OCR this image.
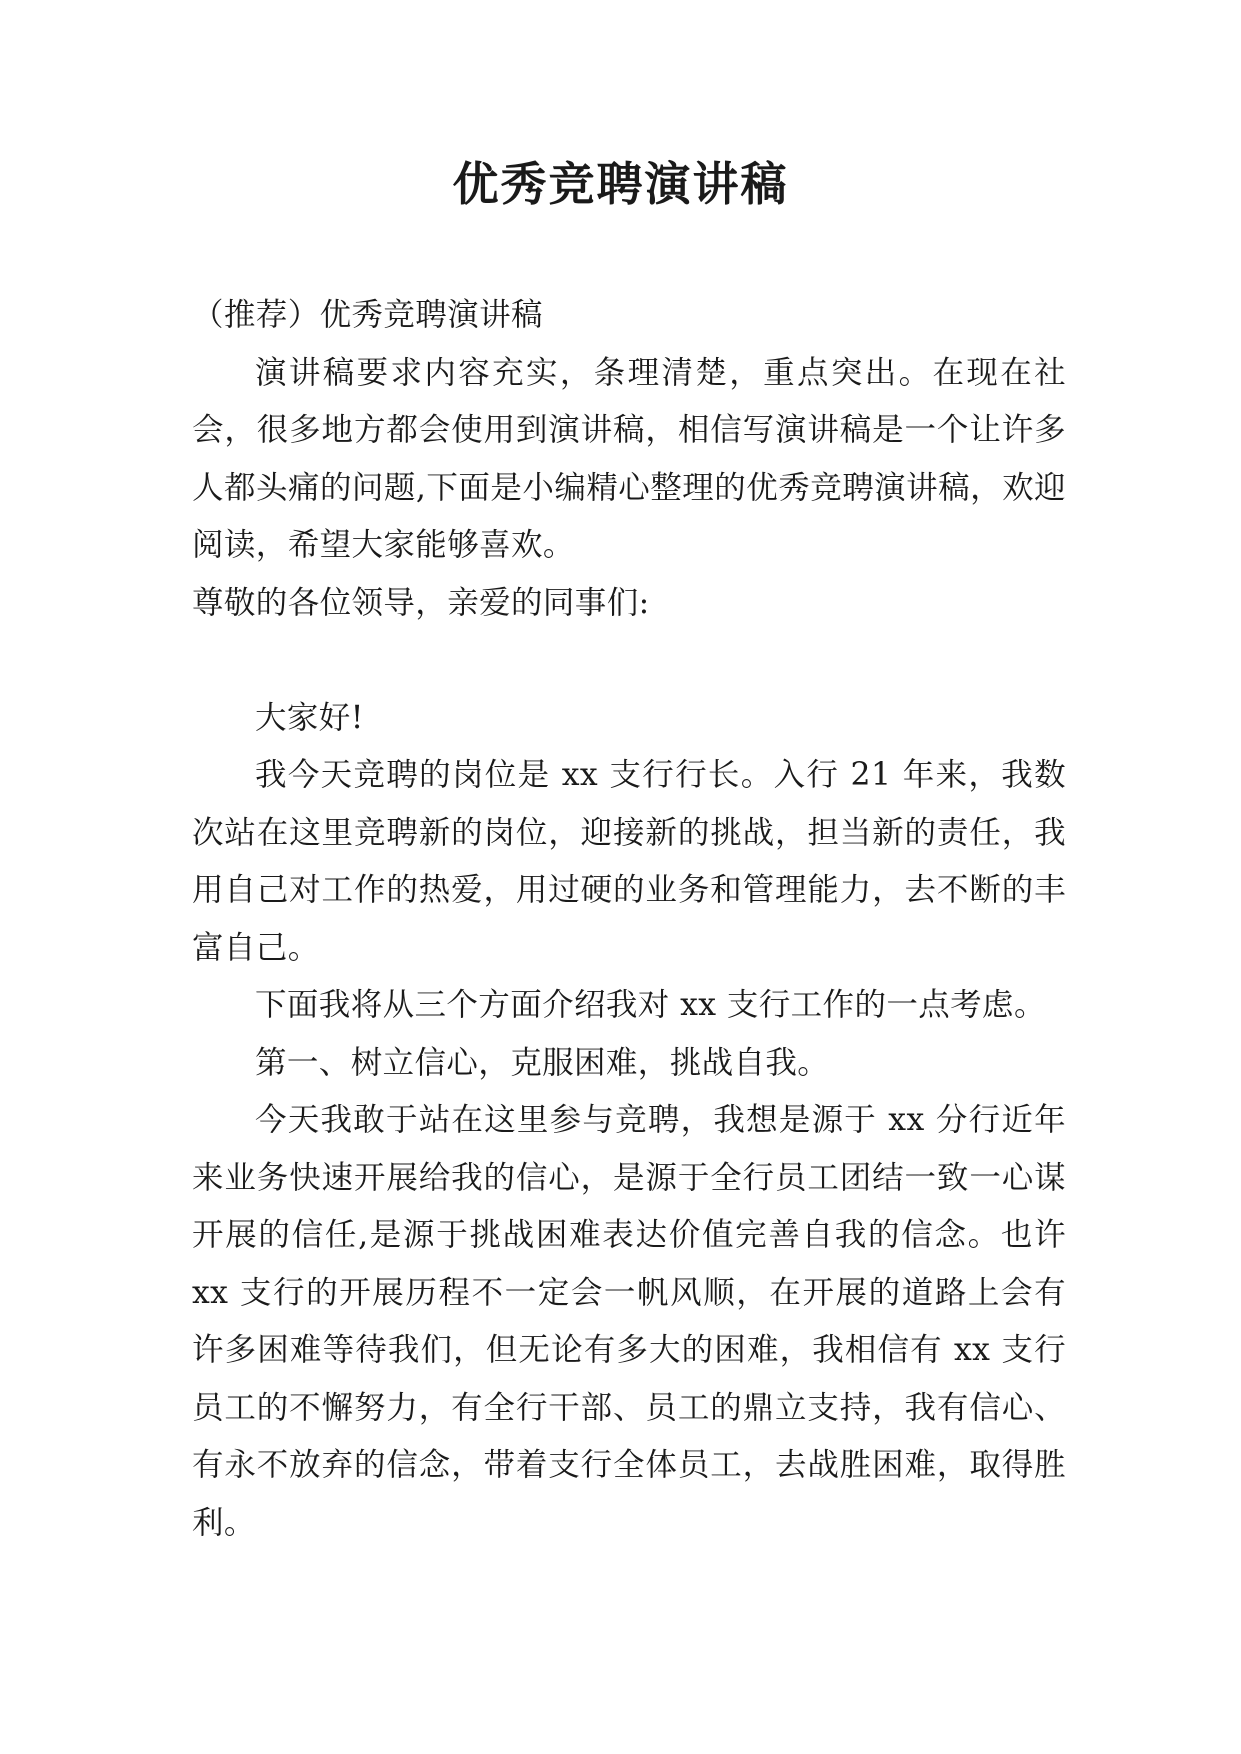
优秀竞聘演讲稿

（推荐）优秀竞聘演讲稿

演讲稿要求内容充实，条理清楚，重点突出。在现在社会，很多地方都会使用到演讲稿，相信写演讲稿是一个让许多人都头痛的问题,下面是小编精心整理的优秀竞聘演讲稿，欢迎阅读，希望大家能够喜欢。

尊敬的各位领导，亲爱的同事们:

大家好!

我今天竞聘的岗位是 xx 支行行长。入行 21 年来，我数次站在这里竞聘新的岗位，迎接新的挑战，担当新的责任，我用自己对工作的热爱，用过硬的业务和管理能力，去不断的丰富自己。

下面我将从三个方面介绍我对 xx 支行工作的一点考虑。

第一、树立信心，克服困难，挑战自我。

今天我敢于站在这里参与竞聘，我想是源于 xx 分行近年来业务快速开展给我的信心，是源于全行员工团结一致一心谋开展的信任,是源于挑战困难表达价值完善自我的信念。也许 xx 支行的开展历程不一定会一帆风顺，在开展的道路上会有许多困难等待我们，但无论有多大的困难，我相信有 xx 支行员工的不懈努力，有全行干部、员工的鼎立支持，我有信心、有永不放弃的信念，带着支行全体员工，去战胜困难，取得胜利。
